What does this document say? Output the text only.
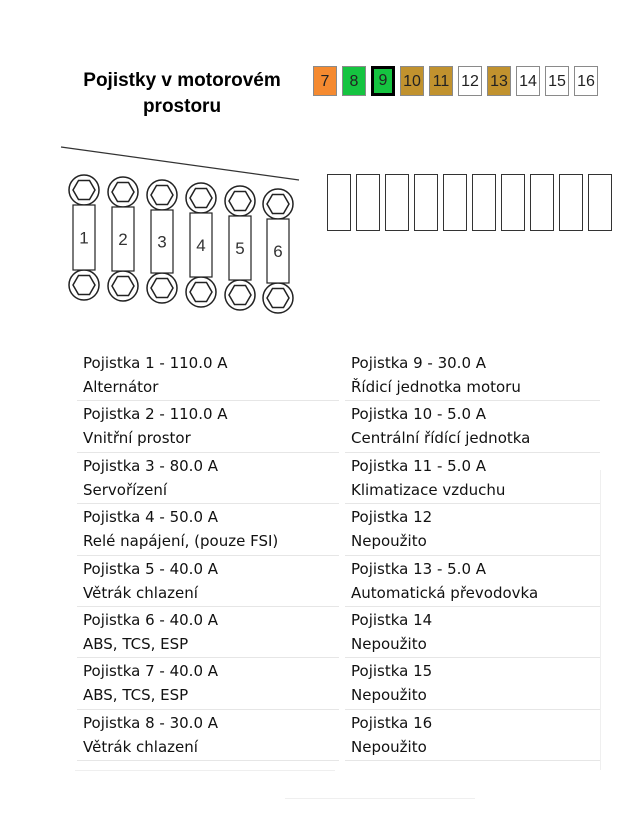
Pojistky v motorovém prostoru
7	8	9 10 11 12 13 14 15 16
1 2 3 4 5 6
Pojistka 1 - 110.0 A
Alternátor
Pojistka 2 - 110.0 A
Vnitřní prostor
Pojistka 3 - 80.0 A
Servořízení
Pojistka 4 - 50.0 A
Relé napájení, (pouze FSI)
Pojistka 5 - 40.0 A
Větrák chlazení
Pojistka 6 - 40.0 A
ABS, TCS, ESP
Pojistka 7 - 40.0 A
ABS, TCS, ESP
Pojistka 8 - 30.0 A
Větrák chlazení
Pojistka 9 - 30.0 A
Řídicí jednotka motoru
Pojistka 10 - 5.0 A
Centrální řídící jednotka
Pojistka 11 - 5.0 A
Klimatizace vzduchu
Pojistka 12
Nepoužito
Pojistka 13 - 5.0 A
Automatická převodovka
Pojistka 14
Nepoužito
Pojistka 15
Nepoužito
Pojistka 16
Nepoužito
